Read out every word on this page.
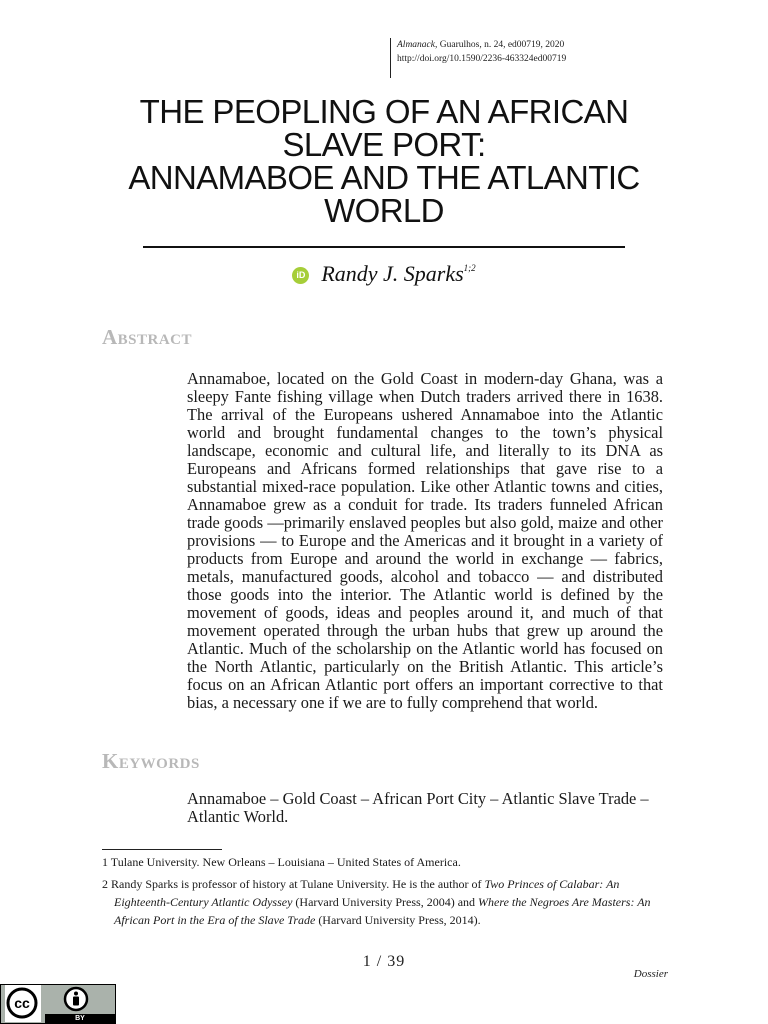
Almanack, Guarulhos, n. 24, ed00719, 2020
http://doi.org/10.1590/2236-463324ed00719
THE PEOPLING OF AN AFRICAN
SLAVE PORT:
ANNAMABOE AND THE ATLANTIC
WORLD
iD Randy J. Sparks$^{1;2}$
Abstract

Annamaboe, located on the Gold Coast in modern-day Ghana, was a sleepy Fante fishing village when Dutch traders arrived there in 1638. The arrival of the Europeans ushered Annamaboe into the Atlantic world and brought fundamental changes to the town’s physical landscape, economic and cultural life, and literally to its DNA as Europeans and Africans formed relationships that gave rise to a substantial mixed-race population. Like other Atlantic towns and cities, Annamaboe grew as a conduit for trade. Its traders funneled African trade goods —primarily enslaved peoples but also gold, maize and other provisions — to Europe and the Americas and it brought in a variety of products from Europe and around the world in exchange — fabrics, metals, manufactured goods, alcohol and tobacco — and distributed those goods into the interior. The Atlantic world is defined by the movement of goods, ideas and peoples around it, and much of that movement operated through the urban hubs that grew up around the Atlantic. Much of the scholarship on the Atlantic world has focused on the North Atlantic, particularly on the British Atlantic. This article’s focus on an African Atlantic port offers an important corrective to that bias, a necessary one if we are to fully comprehend that world.

Keywords

Annamaboe – Gold Coast – African Port City – Atlantic Slave Trade – Atlantic World.

1 Tulane University. New Orleans – Louisiana – United States of America.

2 Randy Sparks is professor of history at Tulane University. He is the author of Two Princes of Calabar: An Eighteenth-Century Atlantic Odyssey (Harvard University Press, 2004) and Where the Negroes Are Masters: An African Port in the Era of the Slave Trade (Harvard University Press, 2014).

1 / 39
Dossier
cc
BY
